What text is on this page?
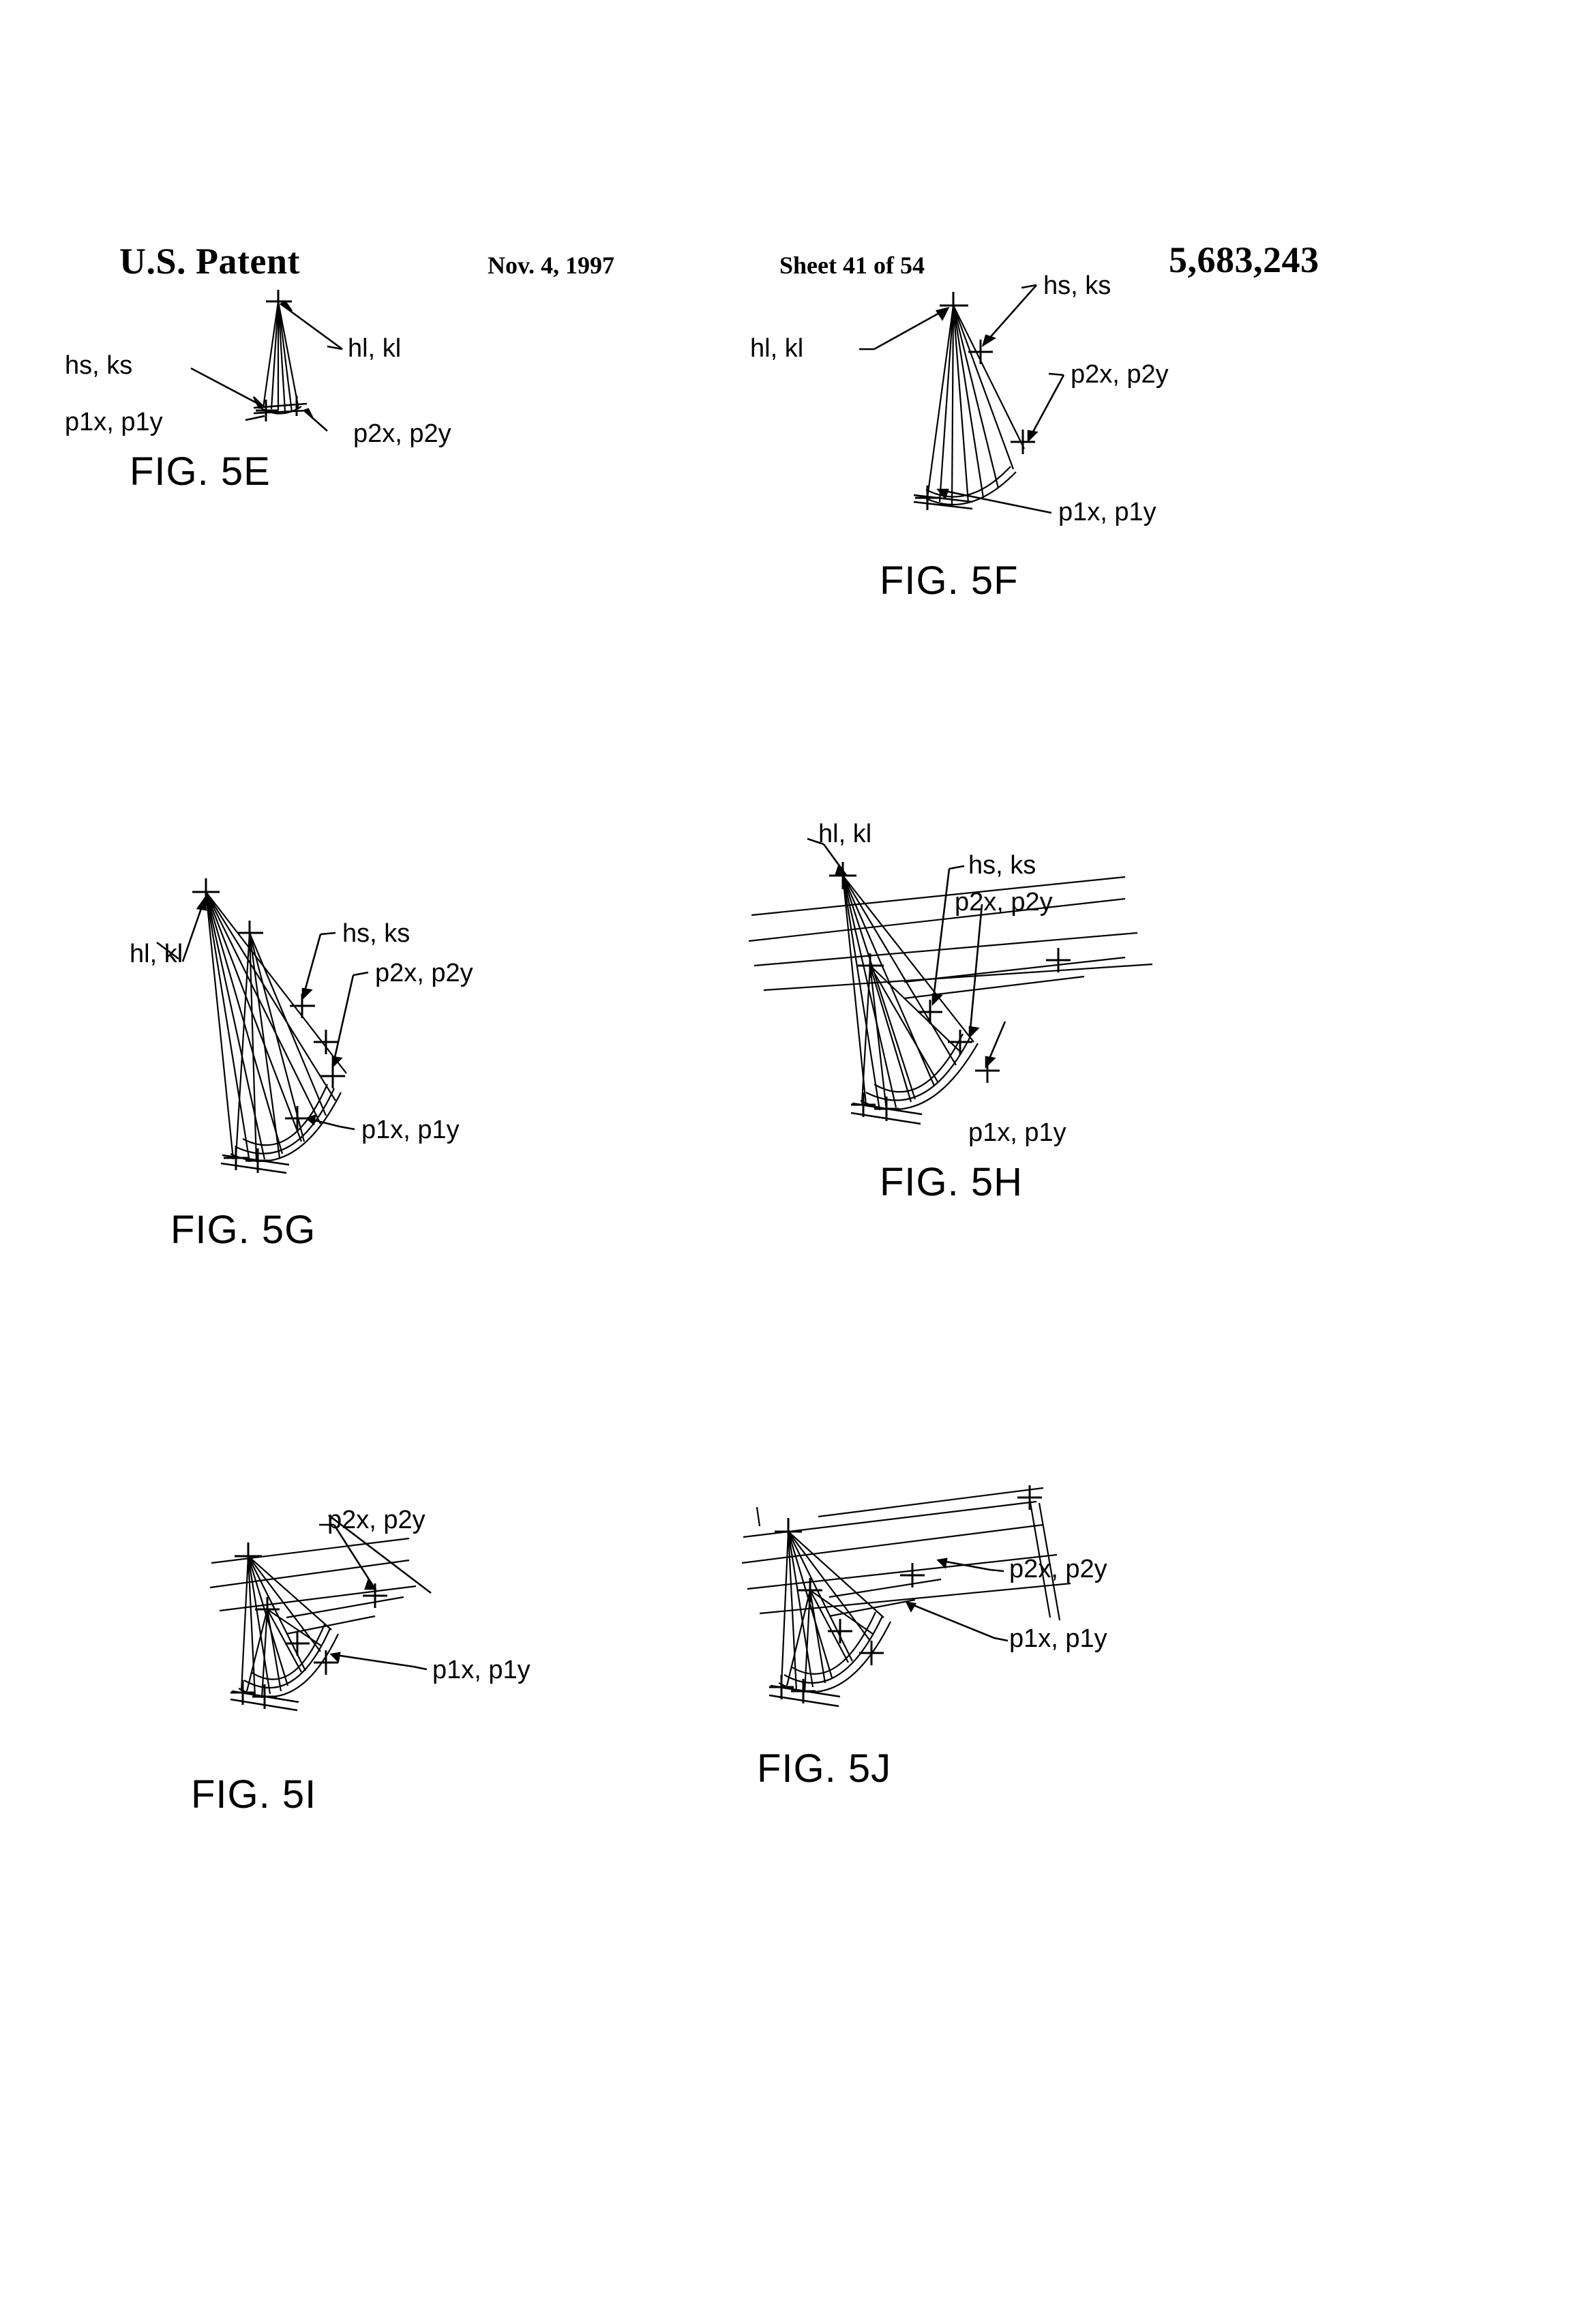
U.S. Patent	Nov. 4, 1997	Sheet 41 of 54	5,683,243
hs, ks
hl, kl
p1x, p1y	p2x, p2y
FIG. 5E
hs, ks
hl, kl
p2x, p2y
p1x, p1y
FIG. 5F
hl, kl
hs, ks
p2x, p2y
p1x, p1y
FIG. 5G
hl, kl
hs, ks
p2x, p2y
p1x, p1y
FIG. 5H
p2x, p2y
p1x, p1y
FIG. 5I
p2x, p2y
p1x, p1y
FIG. 5J
